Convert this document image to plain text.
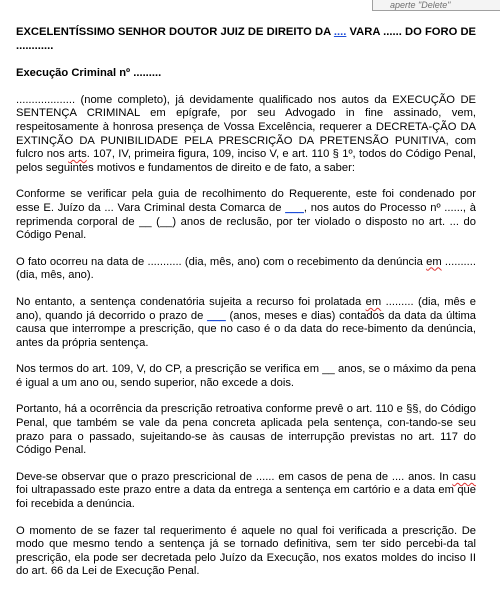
aperte "Delete"

EXCELENTÍSSIMO SENHOR DOUTOR JUIZ DE DIREITO DA .... VARA ...... DO FORO DE ............

Execução Criminal nº .........

................... (nome completo), já devidamente qualificado nos autos da EXECUÇÃO DE SENTENÇA CRIMINAL em epígrafe, por seu Advogado in fine assinado, vem, respeitosamente à honrosa presença de Vossa Excelência, requerer a DECRETA-ÇÃO DA EXTINÇÃO DA PUNIBILIDADE PELA PRESCRIÇÃO DA PRETENSÃO PUNITIVA, com fulcro nos arts. 107, IV, primeira figura, 109, inciso V, e art. 110 § 1º, todos do Código Penal, pelos seguintes motivos e fundamentos de direito e de fato, a saber:

Conforme se verificar pela guia de recolhimento do Requerente, este foi condenado por esse E. Juízo da ... Vara Criminal desta Comarca de ___, nos autos do Processo nº ......, à reprimenda corporal de __ (__) anos de reclusão, por ter violado o disposto no art. ... do Código Penal.

O fato ocorreu na data de ........... (dia, mês, ano) com o recebimento da denúncia em .......... (dia, mês, ano).

No entanto, a sentença condenatória sujeita a recurso foi prolatada em ......... (dia, mês e ano), quando já decorrido o prazo de ___ (anos, meses e dias) contados da data da última causa que interrompe a prescrição, que no caso é o da data do rece-bimento da denúncia, antes da própria sentença.

Nos termos do art. 109, V, do CP, a prescrição se verifica em __ anos, se o máximo da pena é igual a um ano ou, sendo superior, não excede a dois.

Portanto, há a ocorrência da prescrição retroativa conforme prevê o art. 110 e §§, do Código Penal, que também se vale da pena concreta aplicada pela sentença, con-tando-se seu prazo para o passado, sujeitando-se às causas de interrupção previstas no art. 117 do Código Penal.

Deve-se observar que o prazo prescricional de ...... em casos de pena de .... anos. In casu foi ultrapassado este prazo entre a data da entrega a sentença em cartório e a data em que foi recebida a denúncia.

O momento de se fazer tal requerimento é aquele no qual foi verificada a prescrição. De modo que mesmo tendo a sentença já se tornado definitiva, sem ter sido percebi-da tal prescrição, ela pode ser decretada pelo Juízo da Execução, nos exatos moldes do inciso II do art. 66 da Lei de Execução Penal.
